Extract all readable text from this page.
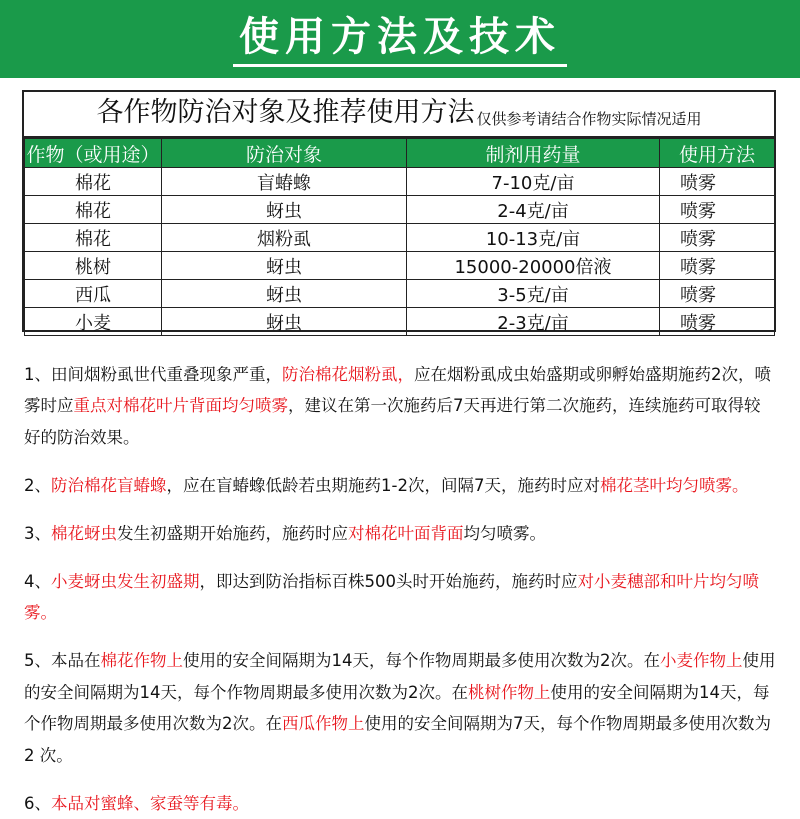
使用方法及技术
各作物防治对象及推荐使用方法 仅供参考请结合作物实际情况适用
作物（或用途）	防治对象	制剂用药量	使用方法
棉花	盲蝽蟓	7-10克/亩	喷雾
棉花	蚜虫	2-4克/亩	喷雾
棉花	烟粉虱	10-13克/亩	喷雾
桃树	蚜虫	15000-20000倍液	喷雾
西瓜	蚜虫	3-5克/亩	喷雾
小麦	蚜虫	2-3克/亩	喷雾

1、田间烟粉虱世代重叠现象严重，防治棉花烟粉虱，应在烟粉虱成虫始盛期或卵孵始盛期施药2次，喷雾时应重点对棉花叶片背面均匀喷雾，建议在第一次施药后7天再进行第二次施药，连续施药可取得较好的防治效果。

2、防治棉花盲蝽蟓，应在盲蝽蟓低龄若虫期施药1-2次，间隔7天，施药时应对棉花茎叶均匀喷雾。

3、棉花蚜虫发生初盛期开始施药，施药时应对棉花叶面背面均匀喷雾。

4、小麦蚜虫发生初盛期，即达到防治指标百株500头时开始施药，施药时应对小麦穗部和叶片均匀喷雾。

5、本品在棉花作物上使用的安全间隔期为14天，每个作物周期最多使用次数为2次。在小麦作物上使用的安全间隔期为14天，每个作物周期最多使用次数为2次。在桃树作物上使用的安全间隔期为14天，每个作物周期最多使用次数为2次。在西瓜作物上使用的安全间隔期为7天，每个作物周期最多使用次数为2 次。

6、本品对蜜蜂、家蚕等有毒。
